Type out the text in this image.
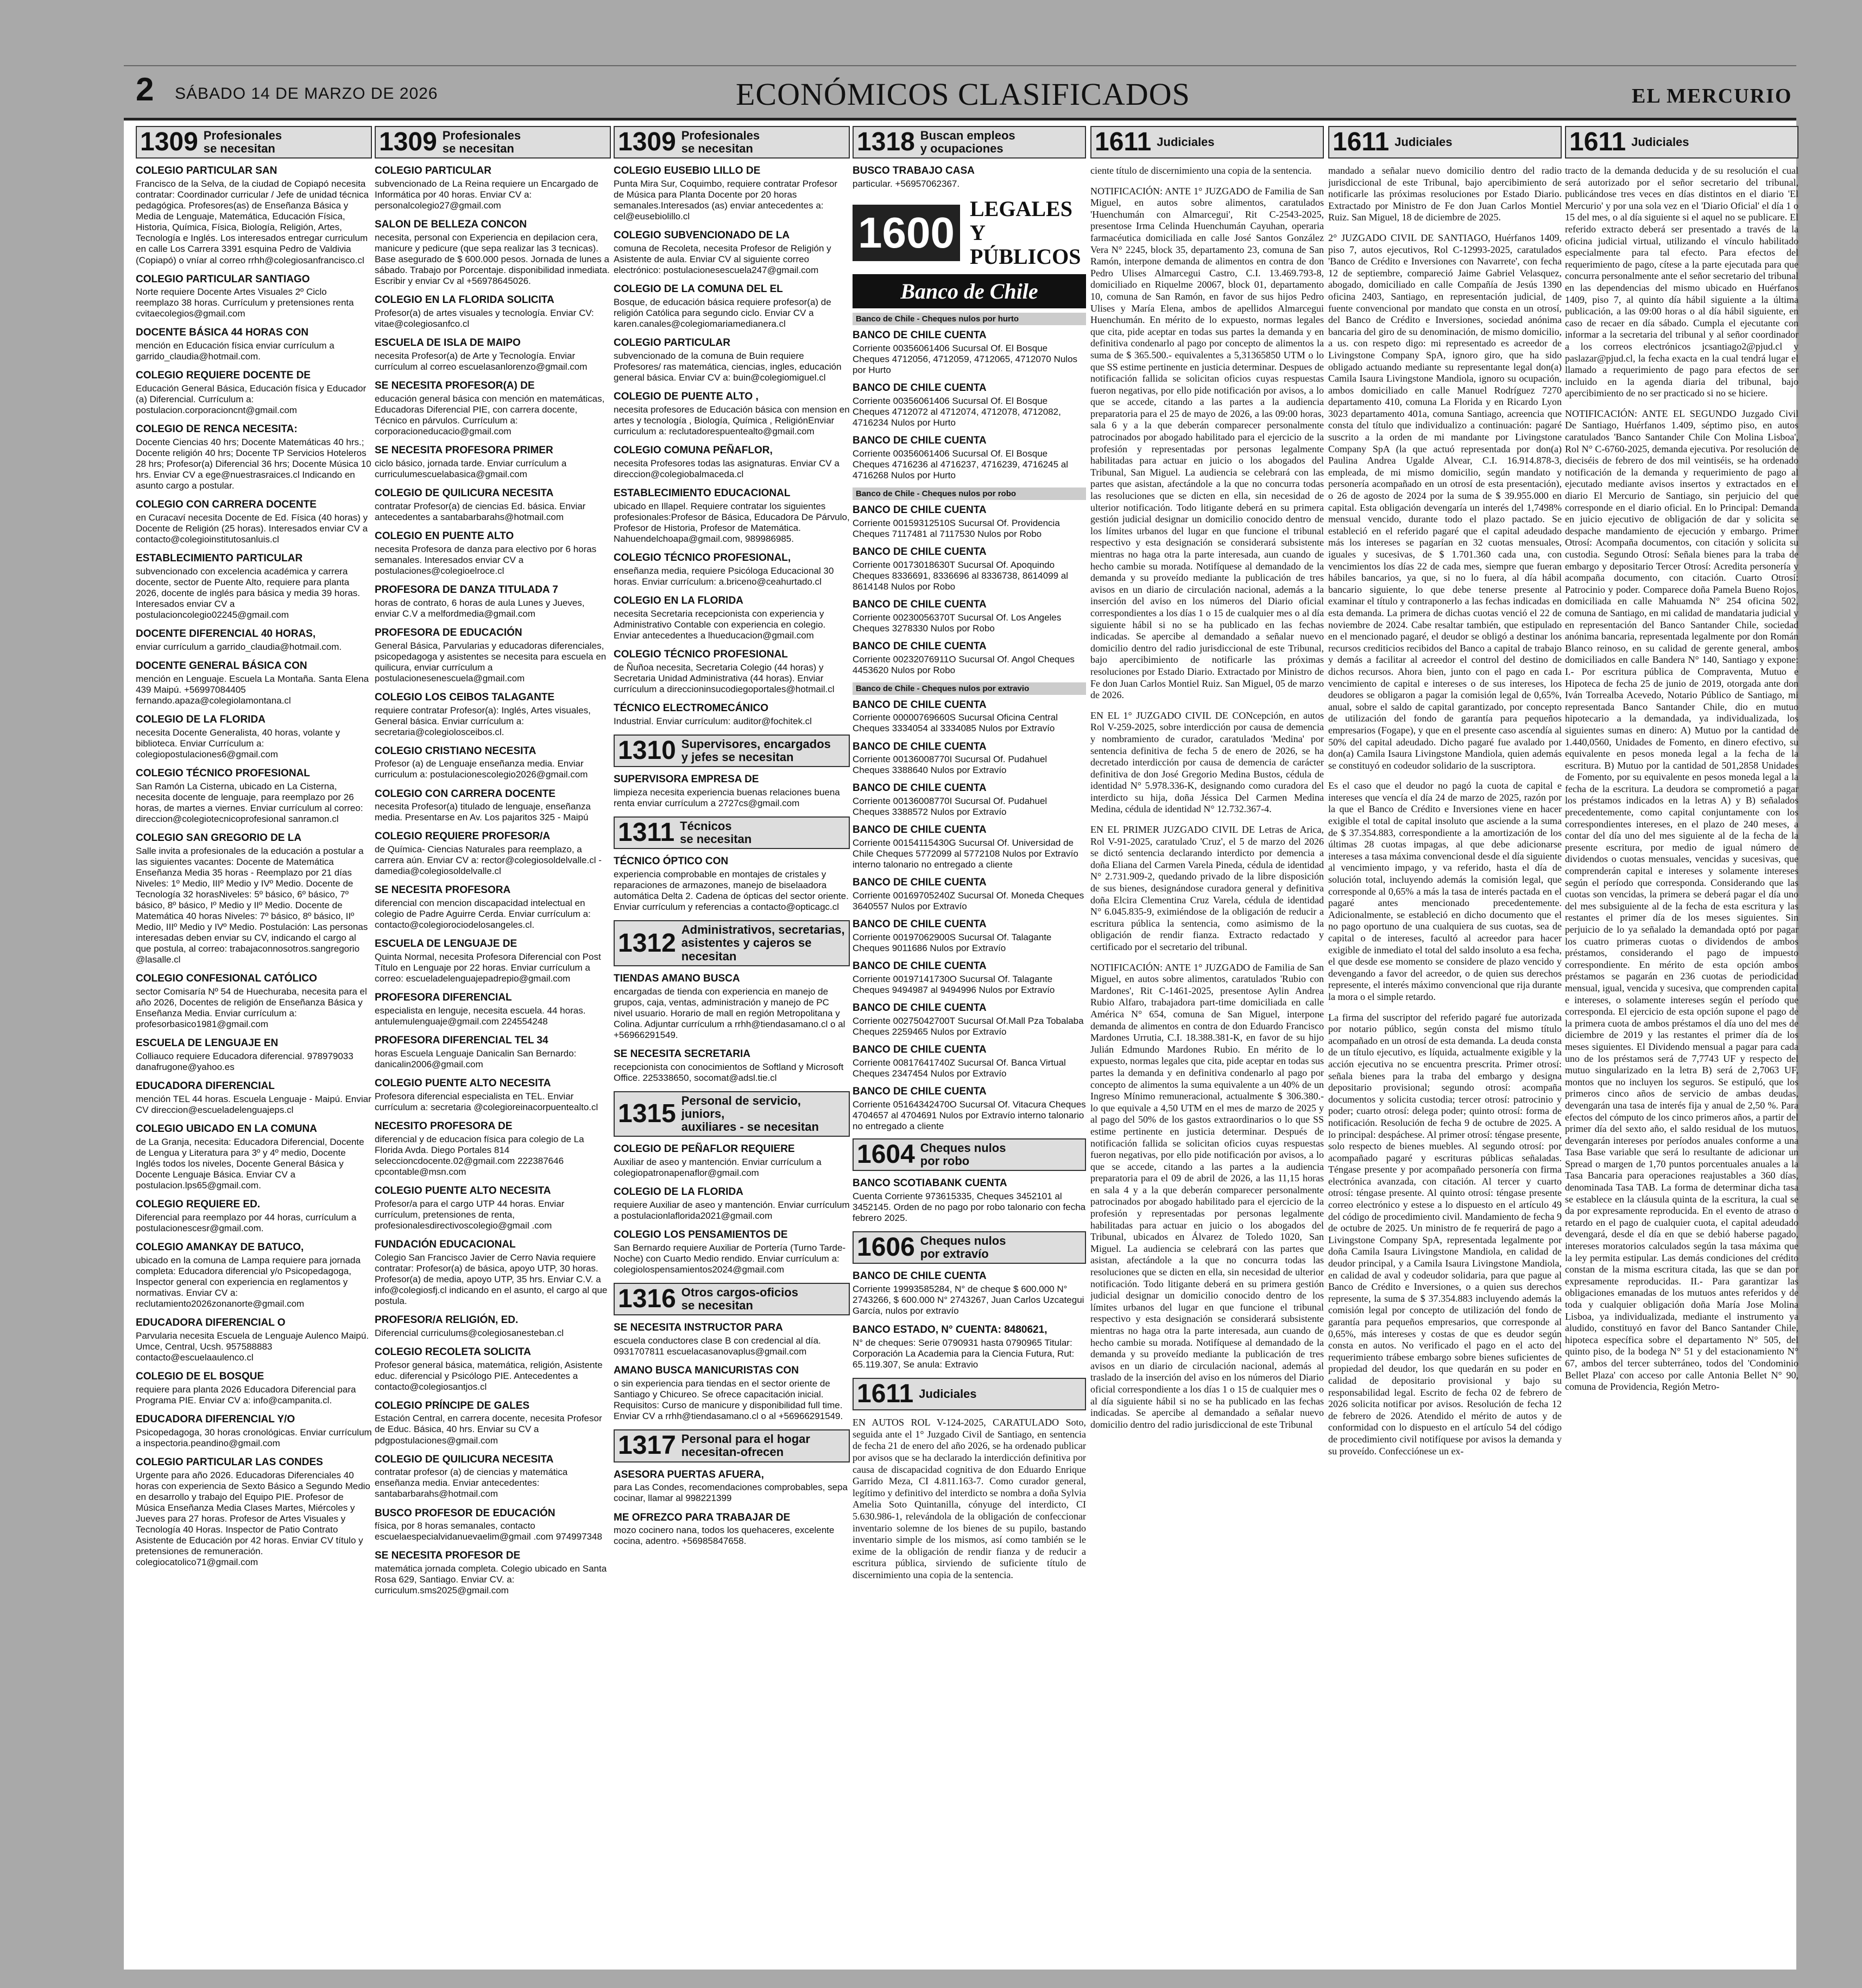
2 SÁBADO 14 DE MARZO DE 2026	ECONÓMICOS CLASIFICADOS	EL MERCURIO
1309 Profesionales
se necesitan
COLEGIO PARTICULAR SAN
Francisco de la Selva, de la ciudad de Copiapó necesita contratar: Coordinador curricular / Jefe de unidad técnica pedagógica. Profesores(as) de Enseñanza Básica y Media de Lenguaje, Matemática, Educación Física, Historia, Química, Física, Biología, Religión, Artes, Tecnología e Inglés. Los interesados entregar curriculum en calle Los Carrera 3391 esquina Pedro de Valdivia (Copiapó) o vníar al correo rrhh@colegiosanfrancisco.cl
COLEGIO PARTICULAR SANTIAGO
Norte requiere Docente Artes Visuales 2º Ciclo reemplazo 38 horas. Currículum y pretensiones renta cvitaecolegios@gmail.com
DOCENTE BÁSICA 44 HORAS CON
mención en Educación física enviar currículum a garrido_claudia@hotmail.com.
COLEGIO REQUIERE DOCENTE DE
Educación General Básica, Educación física y Educador (a) Diferencial. Currículum a: postulacion.corporacioncnt@gmail.com
COLEGIO DE RENCA NECESITA:
Docente Ciencias 40 hrs; Docente Matemáticas 40 hrs.; Docente religión 40 hrs; Docente TP Servicios Hoteleros 28 hrs; Profesor(a) Diferencial 36 hrs; Docente Música 10 hrs. Enviar CV a ege@nuestrasraices.cl Indicando en asunto cargo a postular.
COLEGIO CON CARRERA DOCENTE
en Curacaví necesita Docente de Ed. Física (40 horas) y Docente de Religión (25 horas). Interesados enviar CV a contacto@colegioinstitutosanluis.cl
ESTABLECIMIENTO PARTICULAR
subvencionado con excelencia académica y carrera docente, sector de Puente Alto, requiere para planta 2026, docente de inglés para básica y media 39 horas. Interesados enviar CV a postulacioncolegio02245@gmail.com
DOCENTE DIFERENCIAL 40 HORAS,
enviar currículum a garrido_claudia@hotmail.com.
DOCENTE GENERAL BÁSICA CON
mención en Lenguaje. Escuela La Montaña. Santa Elena 439 Maipú. +56997084405 fernando.apaza@colegiolamontana.cl
COLEGIO DE LA FLORIDA
necesita Docente Generalista, 40 horas, volante y biblioteca. Enviar Currículum a: colegiopostulaciones6@gmail.com
COLEGIO TÉCNICO PROFESIONAL
San Ramón La Cisterna, ubicado en La Cisterna, necesita docente de lenguaje, para reemplazo por 26 horas, de martes a viernes. Enviar currículum al correo: direccion@colegiotecnicoprofesional sanramon.cl
COLEGIO SAN GREGORIO DE LA
Salle invita a profesionales de la educación a postular a las siguientes vacantes: Docente de Matemática Enseñanza Media 35 horas - Reemplazo por 21 días Niveles: 1º Medio, IIIº Medio y IVº Medio. Docente de Tecnología 32 horasNiveles: 5º básico, 6º básico, 7º básico, 8º básico, Iº Medio y IIº Medio. Docente de Matemática 40 horas Niveles: 7º básico, 8º básico, IIº Medio, IIIº Medio y IVº Medio. Postulación: Las personas interesadas deben enviar su CV, indicando el cargo al que postula, al correo: trabajaconnosotros.sangregorio @lasalle.cl
COLEGIO CONFESIONAL CATÓLICO
sector Comisaría Nº 54 de Huechuraba, necesita para el año 2026, Docentes de religión de Enseñanza Básica y Enseñanza Media. Enviar currículum a: profesorbasico1981@gmail.com
ESCUELA DE LENGUAJE EN
Colliauco requiere Educadora diferencial. 978979033 danafrugone@yahoo.es
EDUCADORA DIFERENCIAL
mención TEL 44 horas. Escuela Lenguaje - Maipú. Enviar CV direccion@escueladelenguajeps.cl
COLEGIO UBICADO EN LA COMUNA
de La Granja, necesita: Educadora Diferencial, Docente de Lengua y Literatura para 3º y 4º medio, Docente Inglés todos los niveles, Docente General Básica y Docente Lenguaje Básica. Enviar CV a postulacion.lps65@gmail.com.
COLEGIO REQUIERE ED.
Diferencial para reemplazo por 44 horas, currículum a postulacionescesr@gmail.com.
COLEGIO AMANKAY DE BATUCO,
ubicado en la comuna de Lampa requiere para jornada completa: Educadora diferencial y/o Psicopedagoga, Inspector general con experiencia en reglamentos y normativas. Enviar CV a: reclutamiento2026zonanorte@gmail.com
EDUCADORA DIFERENCIAL O
Parvularia necesita Escuela de Lenguaje Aulenco Maipú. Umce, Central, Ucsh. 957588883 contacto@escuelaaulenco.cl
COLEGIO DE EL BOSQUE
requiere para planta 2026 Educadora Diferencial para Programa PIE. Enviar CV a: info@campanita.cl.
EDUCADORA DIFERENCIAL Y/O
Psicopedagoga, 30 horas cronológicas. Enviar currículum a inspectoria.peandino@gmail.com
COLEGIO PARTICULAR LAS CONDES
Urgente para año 2026. Educadoras Diferenciales 40 horas con experiencia de Sexto Básico a Segundo Medio en desarrollo y trabajo del Equipo PIE. Profesor de Música Enseñanza Media Clases Martes, Miércoles y Jueves para 27 horas. Profesor de Artes Visuales y Tecnología 40 Horas. Inspector de Patio Contrato Asistente de Educación por 42 horas. Enviar CV título y pretensiones de remuneración. colegiocatolico71@gmail.com
1309 Profesionales
se necesitan
COLEGIO PARTICULAR
subvencionado de La Reina requiere un Encargado de Informática por 40 horas. Enviar CV a: personalcolegio27@gmail.com
SALON DE BELLEZA CONCON
necesita, personal con Experiencia en depilacion cera, manicure y pedicure (que sepa realizar las 3 tecnicas). Base asegurado de $ 600.000 pesos. Jornada de lunes a sábado. Trabajo por Porcentaje. disponibilidad inmediata. Escribir y enviar Cv al +56978645026.
COLEGIO EN LA FLORIDA SOLICITA
Profesor(a) de artes visuales y tecnología. Enviar CV: vitae@colegiosanfco.cl
ESCUELA DE ISLA DE MAIPO
necesita Profesor(a) de Arte y Tecnología. Enviar currículum al correo escuelasanlorenzo@gmail.com
SE NECESITA PROFESOR(A) DE
educación general básica con mención en matemáticas, Educadoras Diferencial PIE, con carrera docente, Técnico en párvulos. Currículum a: corporacioneducacio@gmail.com
SE NECESITA PROFESORA PRIMER
ciclo básico, jornada tarde. Enviar currículum a curriculumescuelabasica@gmail.com
COLEGIO DE QUILICURA NECESITA
contratar Profesor(a) de ciencias Ed. básica. Enviar antecedentes a santabarbarahs@hotmail.com
COLEGIO EN PUENTE ALTO
necesita Profesora de danza para electivo por 6 horas semanales. Interesados enviar CV a postulaciones@colegioelroce.cl
PROFESORA DE DANZA TITULADA 7
horas de contrato, 6 horas de aula Lunes y Jueves, enviar C.V a melfordmedia@gmail.com
PROFESORA DE EDUCACIÓN
General Básica, Parvularias y educadoras diferenciales, psicopedagoga y asistentes se necesita para escuela en quilicura, enviar currículum a postulacionesenescuela@gmail.com
COLEGIO LOS CEIBOS TALAGANTE
requiere contratar Profesor(a): Inglés, Artes visuales, General básica. Enviar currículum a: secretaria@colegiolosceibos.cl.
COLEGIO CRISTIANO NECESITA
Profesor (a) de Lenguaje enseñanza media. Enviar curriculum a: postulacionescolegio2026@gmail.com
COLEGIO CON CARRERA DOCENTE
necesita Profesor(a) titulado de lenguaje, enseñanza media. Presentarse en Av. Los pajaritos 325 - Maipú
COLEGIO REQUIERE PROFESOR/A
de Química- Ciencias Naturales para reemplazo, a carrera aún. Enviar CV a: rector@colegiosoldelvalle.cl - damedia@colegiosoldelvalle.cl
SE NECESITA PROFESORA
diferencial con mencion discapacidad intelectual en colegio de Padre Aguirre Cerda. Enviar currículum a: contacto@colegiorociodelosangeles.cl.
ESCUELA DE LENGUAJE DE
Quinta Normal, necesita Profesora Diferencial con Post Título en Lenguaje por 22 horas. Enviar currículum a correo: escueladelenguajepadrepio@gmail.com
PROFESORA DIFERENCIAL
especialista en lenguje, necesita escuela. 44 horas. antulemulenguaje@gmail.com 224554248
PROFESORA DIFERENCIAL TEL 34
horas Escuela Lenguaje Danicalin San Bernardo: danicalin2006@gmail.com
COLEGIO PUENTE ALTO NECESITA
Profesora diferencial especialista en TEL. Enviar currículum a: secretaria @colegioreinacorpuentealto.cl
NECESITO PROFESORA DE
diferencial y de educacion física para colegio de La Florida Avda. Diego Portales 814 seleccioncdocente.02@gmail.com 222387646 cpcontable@msn.com
COLEGIO PUENTE ALTO NECESITA
Profesor/a para el cargo UTP 44 horas. Enviar currículum, pretensiones de renta, profesionalesdirectivoscolegio@gmail .com
FUNDACIÓN EDUCACIONAL
Colegio San Francisco Javier de Cerro Navia requiere contratar: Profesor(a) de básica, apoyo UTP, 30 horas. Profesor(a) de media, apoyo UTP, 35 hrs. Enviar C.V. a info@colegiosfj.cl indicando en el asunto, el cargo al que postula.
PROFESOR/A RELIGIÓN, ED.
Diferencial curriculums@colegiosanesteban.cl
COLEGIO RECOLETA SOLICITA
Profesor general básica, matemática, religión, Asistente educ. diferencial y Psicólogo PIE. Antecedentes a contacto@colegiosantjos.cl
COLEGIO PRÍNCIPE DE GALES
Estación Central, en carrera docente, necesita Profesor de Educ. Básica, 40 hrs. Enviar su CV a pdgpostulaciones@gmail.com
COLEGIO DE QUILICURA NECESITA
contratar profesor (a) de ciencias y matemática enseñanza media. Enviar antecedentes: santabarbarahs@hotmail.com
BUSCO PROFESOR DE EDUCACIÓN
física, por 8 horas semanales, contacto escuelaespecialvidanuevaelim@gmail .com 974997348
SE NECESITA PROFESOR DE
matemática jornada completa. Colegio ubicado en Santa Rosa 629, Santiago. Enviar CV. a: curriculum.sms2025@gmail.com
1309 Profesionales
se necesitan
COLEGIO EUSEBIO LILLO DE
Punta Mira Sur, Coquimbo, requiere contratar Profesor de Música para Planta Docente por 20 horas semanales.Interesados (as) enviar antecedentes a: cel@eusebiolillo.cl
COLEGIO SUBVENCIONADO DE LA
comuna de Recoleta, necesita Profesor de Religión y Asistente de aula. Enviar CV al siguiente correo electrónico: postulacionesescuela247@gmail.com
COLEGIO DE LA COMUNA DEL EL
Bosque, de educación básica requiere profesor(a) de religión Católica para segundo ciclo. Enviar CV a karen.canales@colegiomariamedianera.cl
COLEGIO PARTICULAR
subvencionado de la comuna de Buin requiere Profesores/ ras matemática, ciencias, ingles, educación general básica. Enviar CV a: buin@colegiomiguel.cl
COLEGIO DE PUENTE ALTO ,
necesita profesores de Educación básica con mension en artes y tecnología , Biología, Química , ReligiónEnviar curriculum a: reclutadorespuentealto@gmail.com
COLEGIO COMUNA PEÑAFLOR,
necesita Profesores todas las asignaturas. Enviar CV a direccion@colegiobalmaceda.cl
ESTABLECIMIENTO EDUCACIONAL
ubicado en Illapel. Requiere contratar los siguientes profesionales:Profesor de Básica, Educadora De Párvulo, Profesor de Historia, Profesor de Matemática. Nahuendelchoapa@gmail.com, 989986985.
COLEGIO TÉCNICO PROFESIONAL,
enseñanza media, requiere Psicóloga Educacional 30 horas. Enviar currículum: a.briceno@ceahurtado.cl
COLEGIO EN LA FLORIDA
necesita Secretaria recepcionista con experiencia y Administrativo Contable con experiencia en colegio. Enviar antecedentes a lhueducacion@gmail.com
COLEGIO TÉCNICO PROFESIONAL
de Ñuñoa necesita, Secretaria Colegio (44 horas) y Secretaria Unidad Administrativa (44 horas). Enviar currículum a direccioninsucodiegoportales@hotmail.cl
TÉCNICO ELECTROMECÁNICO
Industrial. Enviar currículum: auditor@fochitek.cl
1310 Supervisores, encargados
y jefes se necesitan
SUPERVISORA EMPRESA DE
limpieza necesita experiencia buenas relaciones buena renta enviar currículum a 2727cs@gmail.com
1311 Técnicos
se necesitan
TÉCNICO ÓPTICO CON
experiencia comprobable en montajes de cristales y reparaciones de armazones, manejo de biselaadora automática Delta 2. Cadena de ópticas del sector oriente. Enviar currículum y referencias a contacto@opticagc.cl
1312 Administrativos, secretarias,
asistentes y cajeros se necesitan
TIENDAS AMANO BUSCA
encargadas de tienda con experiencia en manejo de grupos, caja, ventas, administración y manejo de PC nivel usuario. Horario de mall en región Metropolitana y Colina. Adjuntar currículum a rrhh@tiendasamano.cl o al +56966291549.
SE NECESITA SECRETARIA
recepcionista con conocimientos de Softland y Microsoft Office. 225338650, socomat@adsl.tie.cl
1315 Personal de servicio, juniors,
auxiliares - se necesitan
COLEGIO DE PEÑAFLOR REQUIERE
Auxiliar de aseo y mantención. Enviar currículum a colegiopatronapenaflor@gmail.com
COLEGIO DE LA FLORIDA
requiere Auxiliar de aseo y mantención. Enviar currículum a postulacionlaflorida2021@gmail.com
COLEGIO LOS PENSAMIENTOS DE
San Bernardo requiere Auxiliar de Portería (Turno Tarde-Noche) con Cuarto Medio rendido. Enviar currículum a: colegiolospensamientos2024@gmail.com
1316 Otros cargos-oficios
se necesitan
SE NECESITA INSTRUCTOR PARA
escuela conductores clase B con credencial al día. 0931707811 escuelacasanovaplus@gmail.com
AMANO BUSCA MANICURISTAS CON
o sin experiencia para tiendas en el sector oriente de Santiago y Chicureo. Se ofrece capacitación inicial. Requisitos: Curso de manicure y disponibilidad full time. Enviar CV a rrhh@tiendasamano.cl o al +56966291549.
1317 Personal para el hogar
necesitan-ofrecen
ASESORA PUERTAS AFUERA,
para Las Condes, recomendaciones comprobables, sepa cocinar, llamar al 998221399
ME OFREZCO PARA TRABAJAR DE
mozo cocinero nana, todos los quehaceres, excelente cocina, adentro. +56985847658.
1318 Buscan empleos
y ocupaciones
BUSCO TRABAJO CASA
particular. +56957062367.
1600 LEGALES Y
PÚBLICOS
Banco de Chile
Banco de Chile - Cheques nulos por hurto
BANCO DE CHILE CUENTA
Corriente 00356061406 Sucursal Of. El Bosque Cheques 4712056, 4712059, 4712065, 4712070 Nulos por Hurto
BANCO DE CHILE CUENTA
Corriente 00356061406 Sucursal Of. El Bosque Cheques 4712072 al 4712074, 4712078, 4712082, 4716234 Nulos por Hurto
BANCO DE CHILE CUENTA
Corriente 00356061406 Sucursal Of. El Bosque Cheques 4716236 al 4716237, 4716239, 4716245 al 4716268 Nulos por Hurto
Banco de Chile - Cheques nulos por robo
BANCO DE CHILE CUENTA
Corriente 00159312510S Sucursal Of. Providencia Cheques 7117481 al 7117530 Nulos por Robo
BANCO DE CHILE CUENTA
Corriente 00173018630T Sucursal Of. Apoquindo Cheques 8336691, 8336696 al 8336738, 8614099 al 8614148 Nulos por Robo
BANCO DE CHILE CUENTA
Corriente 00230056370T Sucursal Of. Los Angeles Cheques 3278330 Nulos por Robo
BANCO DE CHILE CUENTA
Corriente 00232076911O Sucursal Of. Angol Cheques 4453620 Nulos por Robo
Banco de Chile - Cheques nulos por extravio
BANCO DE CHILE CUENTA
Corriente 00000769660S Sucursal Oficina Central Cheques 3334054 al 3334085 Nulos por Extravío
BANCO DE CHILE CUENTA
Corriente 00136008770I Sucursal Of. Pudahuel Cheques 3388640 Nulos por Extravío
BANCO DE CHILE CUENTA
Corriente 00136008770I Sucursal Of. Pudahuel Cheques 3388572 Nulos por Extravío
BANCO DE CHILE CUENTA
Corriente 00154115430G Sucursal Of. Universidad de Chile Cheques 5772099 al 5772108 Nulos por Extravío interno talonario no entregado a cliente
BANCO DE CHILE CUENTA
Corriente 00169705240Z Sucursal Of. Moneda Cheques 3640557 Nulos por Extravío
BANCO DE CHILE CUENTA
Corriente 00197062900S Sucursal Of. Talagante Cheques 9011686 Nulos por Extravío
BANCO DE CHILE CUENTA
Corriente 00197141730O Sucursal Of. Talagante Cheques 9494987 al 9494996 Nulos por Extravío
BANCO DE CHILE CUENTA
Corriente 00275042700T Sucursal Of.Mall Pza Tobalaba Cheques 2259465 Nulos por Extravío
BANCO DE CHILE CUENTA
Corriente 00817641740Z Sucursal Of. Banca Virtual Cheques 2347454 Nulos por Extravío
BANCO DE CHILE CUENTA
Corriente 05164342470O Sucursal Of. Vitacura Cheques 4704657 al 4704691 Nulos por Extravío interno talonario no entregado a cliente
1604 Cheques nulos
por robo
BANCO SCOTIABANK CUENTA
Cuenta Corriente 973615335, Cheques 3452101 al 3452145. Orden de no pago por robo talonario con fecha febrero 2025.
1606 Cheques nulos
por extravío
BANCO DE CHILE CUENTA
Corriente 19993585284, N° de cheque $ 600.000 N° 2743266, $ 600.000 N° 2743267, Juan Carlos Uzcategui García, nulos por extravío
BANCO ESTADO, N° CUENTA: 8480621,
N° de cheques: Serie 0790931 hasta 0790965 Titular: Corporación La Academia para la Ciencia Futura, Rut: 65.119.307, Se anula: Extravio
1611 Judiciales
EN AUTOS ROL V-124-2025, CARATULADO Soto, seguida ante el 1° Juzgado Civil de Santiago, en sentencia de fecha 21 de enero del año 2026, se ha ordenado publicar por avisos que se ha declarado la interdicción definitiva por causa de discapacidad cognitiva de don Eduardo Enrique Garrido Meza, CI 4.811.163-7. Como curador general, legítimo y definitivo del interdicto se nombra a doña Sylvia Amelia Soto Quintanilla, cónyuge del interdicto, CI 5.630.986-1, relevándola de la obligación de confeccionar inventario solemne de los bienes de su pupilo, bastando inventario simple de los mismos, así como también se le exime de la obligación de rendir fianza y de reducir a escritura pública, sirviendo de suficiente título de discernimiento una copia de la sentencia.
1611 Judiciales
ciente título de discernimiento una copia de la sentencia.
NOTIFICACIÓN: ANTE 1° JUZGADO de Familia de San Miguel, en autos sobre alimentos, caratulados 'Huenchumán con Almarcegui', Rit C-2543-2025, presentose Irma Celinda Huenchumán Cayuhan, operaria farmacéutica domiciliada en calle José Santos González Vera N° 2245, block 35, departamento 23, comuna de San Ramón, interpone demanda de alimentos en contra de don Pedro Ulises Almarcegui Castro, C.I. 13.469.793-8, domiciliado en Riquelme 20067, block 01, departamento 10, comuna de San Ramón, en favor de sus hijos Pedro Ulises y María Elena, ambos de apellidos Almarcegui Huenchumán. En mérito de lo expuesto, normas legales que cita, pide aceptar en todas sus partes la demanda y en definitiva condenarlo al pago por concepto de alimentos la suma de $ 365.500.- equivalentes a 5,31365850 UTM o lo que SS estime pertinente en justicia determinar. Despues de notificación fallida se solicitan oficios cuyas respuestas fueron negativas, por ello pide notificación por avisos, a lo que se accede, citando a las partes a la audiencia preparatoria para el 25 de mayo de 2026, a las 09:00 horas, sala 6 y a la que deberán comparecer personalmente patrocinados por abogado habilitado para el ejercicio de la profesión y representadas por personas legalmente habilitadas para actuar en juicio o los abogados del Tribunal, San Miguel. La audiencia se celebrará con las partes que asistan, afectándole a la que no concurra todas las resoluciones que se dicten en ella, sin necesidad de ulterior notificación. Todo litigante deberá en su primera gestión judicial designar un domicilio conocido dentro de los límites urbanos del lugar en que funcione el tribunal respectivo y esta designación se considerará subsistente mientras no haga otra la parte interesada, aun cuando de hecho cambie su morada. Notifíquese al demandado de la demanda y su proveído mediante la publicación de tres avisos en un diario de circulación nacional, además a la inserción del aviso en los números del Diario oficial correspondientes a los días 1 o 15 de cualquier mes o al día siguiente hábil si no se ha publicado en las fechas indicadas. Se apercibe al demandado a señalar nuevo domicilio dentro del radio jurisdiccional de este Tribunal, bajo apercibimiento de notificarle las próximas resoluciones por Estado Diario. Extractado por Ministro de Fe don Juan Carlos Montiel Ruiz. San Miguel, 05 de marzo de 2026.
EN EL 1° JUZGADO CIVIL DE CONcepción, en autos Rol V-259-2025, sobre interdicción por causa de demencia y nombramiento de curador, caratulados 'Medina' por sentencia definitiva de fecha 5 de enero de 2026, se ha decretado interdicción por causa de demencia de carácter definitiva de don José Gregorio Medina Bustos, cédula de identidad N° 5.978.336-K, designando como curadora del interdicto su hija, doña Jéssica Del Carmen Medina Medina, cédula de identidad N° 12.732.367-4.
EN EL PRIMER JUZGADO CIVIL DE Letras de Arica, Rol V-91-2025, caratulado 'Cruz', el 5 de marzo del 2026 se dictó sentencia declarando interdicto por demencia a doña Eliana del Carmen Varela Pineda, cédula de identidad N° 2.731.909-2, quedando privado de la libre disposición de sus bienes, designándose curadora general y definitiva doña Elcira Clementina Cruz Varela, cédula de identidad N° 6.045.835-9, eximiéndose de la obligación de reducir a escritura pública la sentencia, como asimismo de la obligación de rendir fianza. Extracto redactado y certificado por el secretario del tribunal.
NOTIFICACIÓN: ANTE 1° JUZGADO de Familia de San Miguel, en autos sobre alimentos, caratulados 'Rubio con Mardones', Rit C-1461-2025, presentose Aylin Andrea Rubio Alfaro, trabajadora part-time domiciliada en calle América N° 654, comuna de San Miguel, interpone demanda de alimentos en contra de don Eduardo Francisco Mardones Urrutia, C.I. 18.388.381-K, en favor de su hijo Julián Edmundo Mardones Rubio. En mérito de lo expuesto, normas legales que cita, pide aceptar en todas sus partes la demanda y en definitiva condenarlo al pago por concepto de alimentos la suma equivalente a un 40% de un Ingreso Mínimo remuneracional, actualmente $ 306.380.- lo que equivale a 4,50 UTM en el mes de marzo de 2025 y al pago del 50% de los gastos extraordinarios o lo que SS estime pertinente en justicia determinar. Después de notificación fallida se solicitan oficios cuyas respuestas fueron negativas, por ello pide notificación por avisos, a lo que se accede, citando a las partes a la audiencia preparatoria para el 09 de abril de 2026, a las 11,15 horas en sala 4 y a la que deberán comparecer personalmente patrocinados por abogado habilitado para el ejercicio de la profesión y representadas por personas legalmente habilitadas para actuar en juicio o los abogados del Tribunal, ubicados en Álvarez de Toledo 1020, San Miguel. La audiencia se celebrará con las partes que asistan, afectándole a la que no concurra todas las resoluciones que se dicten en ella, sin necesidad de ulterior notificación. Todo litigante deberá en su primera gestión judicial designar un domicilio conocido dentro de los límites urbanos del lugar en que funcione el tribunal respectivo y esta designación se considerará subsistente mientras no haga otra la parte interesada, aun cuando de hecho cambie su morada. Notifíquese al demandado de la demanda y su proveído mediante la publicación de tres avisos en un diario de circulación nacional, además al traslado de la inserción del aviso en los números del Diario oficial correspondiente a los días 1 o 15 de cualquier mes o al día siguiente hábil si no se ha publicado en las fechas indicadas. Se apercibe al demandado a señalar nuevo domicilio dentro del radio jurisdiccional de este Tribunal
1611 Judiciales
mandado a señalar nuevo domicilio dentro del radio jurisdiccional de este Tribunal, bajo apercibimiento de notificarle las próximas resoluciones por Estado Diario. Extractado por Ministro de Fe don Juan Carlos Montiel Ruiz. San Miguel, 18 de diciembre de 2025.
2° JUZGADO CIVIL DE SANTIAGO, Huérfanos 1409, piso 7, autos ejecutivos, Rol C-12993-2025, caratulados 'Banco de Crédito e Inversiones con Navarrete', con fecha 12 de septiembre, compareció Jaime Gabriel Velasquez, abogado, domiciliado en calle Compañía de Jesús 1390 oficina 2403, Santiago, en representación judicial, de fuente convencional por mandato que consta en un otrosí, del Banco de Crédito e Inversiones, sociedad anónima bancaria del giro de su denominación, de mismo domicilio, a us. con respeto digo: mi representado es acreedor de Livingstone Company SpA, ignoro giro, que ha sido obligado actuando mediante su representante legal don(a) Camila Isaura Livingstone Mandiola, ignoro su ocupación, ambos domiciliado en calle Manuel Rodríguez 7270 departamento 410, comuna La Florida y en Ricardo Lyon 3023 departamento 401a, comuna Santiago, acreencia que consta del título que individualizo a continuación: pagaré suscrito a la orden de mi mandante por Livingstone Company SpA (la que actuó representada por don(a) Paulina Andrea Ugalde Alvear, C.I. 16.914.878-3, empleada, de mi mismo domicilio, según mandato y personería acompañado en un otrosí de esta presentación), o 26 de agosto de 2024 por la suma de $ 39.955.000 en capital. Esta obligación devengaría un interés del 1,7498% mensual vencido, durante todo el plazo pactado. Se estableció en el referido pagaré que el capital adeudado más los intereses se pagarían en 32 cuotas mensuales, iguales y sucesivas, de $ 1.701.360 cada una, con vencimientos los días 22 de cada mes, siempre que fueran hábiles bancarios, ya que, si no lo fuera, al día hábil bancario siguiente, lo que debe tenerse presente al examinar el título y contraponerlo a las fechas indicadas en esta demanda. La primera de dichas cuotas venció el 22 de noviembre de 2024. Cabe resaltar también, que estipulado en el mencionado pagaré, el deudor se obligó a destinar los recursos crediticios recibidos del Banco a capital de trabajo y demás a facilitar al acreedor el control del destino de dichos recursos. Ahora bien, junto con el pago en cada vencimiento de capital e intereses o de sus intereses, los deudores se obligaron a pagar la comisión legal de 0,65%, anual, sobre el saldo de capital garantizado, por concepto de utilización del fondo de garantía para pequeños empresarios (Fogape), y que en el presente caso ascendía al 50% del capital adeudado. Dicho pagaré fue avalado por don(a) Camila Isaura Livingstone Mandiola, quien además se constituyó en codeudor solidario de la suscriptora.
Es el caso que el deudor no pagó la cuota de capital e intereses que vencía el día 24 de marzo de 2025, razón por la que el Banco de Crédito e Inversiones viene en hacer exigible el total de capital insoluto que asciende a la suma de $ 37.354.883, correspondiente a la amortización de los últimas 28 cuotas impagas, al que debe adicionarse intereses a tasa máxima convencional desde el día siguiente al vencimiento impago, y va referido, hasta el día de solución total, incluyendo además la comisión legal, que corresponde al 0,65% a más la tasa de interés pactada en el pagaré antes mencionado precedentemente. Adicionalmente, se estableció en dicho documento que el no pago oportuno de una cualquiera de sus cuotas, sea de capital o de intereses, facultó al acreedor para hacer exigible de inmediato el total del saldo insoluto a esa fecha, el que desde ese momento se considere de plazo vencido y devengando a favor del acreedor, o de quien sus derechos represente, el interés máximo convencional que rija durante la mora o el simple retardo.
La firma del suscriptor del referido pagaré fue autorizada por notario público, según consta del mismo título acompañado en un otrosí de esta demanda. La deuda consta de un título ejecutivo, es líquida, actualmente exigible y la acción ejecutiva no se encuentra prescrita. Primer otrosí: señala bienes para la traba del embargo y designa depositario provisional; segundo otrosí: acompaña documentos y solicita custodia; tercer otrosí: patrocinio y poder; cuarto otrosí: delega poder; quinto otrosí: forma de notificación. Resolución de fecha 9 de octubre de 2025. A lo principal: despáchese. Al primer otrosí: téngase presente, solo respecto de bienes muebles. Al segundo otrosí: por acompañado pagaré y escrituras públicas señaladas. Téngase presente y por acompañado personería con firma electrónica avanzada, con citación. Al tercer y cuarto otrosí: téngase presente. Al quinto otrosí: téngase presente correo electrónico y estese a lo dispuesto en el artículo 49 del código de procedimiento civil. Mandamiento de fecha 9 de octubre de 2025. Un ministro de fe requerirá de pago a Livingstone Company SpA, representada legalmente por doña Camila Isaura Livingstone Mandiola, en calidad de deudor principal, y a Camila Isaura Livingstone Mandiola, en calidad de aval y codeudor solidaria, para que pague al Banco de Crédito e Inversiones, o a quien sus derechos represente, la suma de $ 37.354.883 incluyendo además la comisión legal por concepto de utilización del fondo de garantía para pequeños empresarios, que corresponde al 0,65%, más intereses y costas de que es deudor según consta en autos. No verificado el pago en el acto del requerimiento trábese embargo sobre bienes suficientes de propiedad del deudor, los que quedarán en su poder en calidad de depositario provisional y bajo su responsabilidad legal. Escrito de fecha 02 de febrero de 2026 solicita notificar por avisos. Resolución de fecha 12 de febrero de 2026. Atendido el mérito de autos y de conformidad con lo dispuesto en el artículo 54 del código de procedimiento civil notifíquese por avisos la demanda y su proveído. Confecciónese un ex-
1611 Judiciales
tracto de la demanda deducida y de su resolución el cual será autorizado por el señor secretario del tribunal, publicándose tres veces en días distintos en el diario 'El Mercurio' y por una sola vez en el 'Diario Oficial' el día 1 o 15 del mes, o al día siguiente si el aquel no se publicare. El referido extracto deberá ser presentado a través de la oficina judicial virtual, utilizando el vínculo habilitado especialmente para tal efecto. Para efectos del requerimiento de pago, cítese a la parte ejecutada para que concurra personalmente ante el señor secretario del tribunal en las dependencias del mismo ubicado en Huérfanos 1409, piso 7, al quinto día hábil siguiente a la última publicación, a las 09:00 horas o al día hábil siguiente, en caso de recaer en día sábado. Cumpla el ejecutante con informar a la secretaria del tribunal y al señor coordinador a los correos electrónicos jcsantiago2@pjud.cl y paslazar@pjud.cl, la fecha exacta en la cual tendrá lugar el llamado a requerimiento de pago para efectos de ser incluido en la agenda diaria del tribunal, bajo apercibimiento de no ser practicado si no se hiciere.
NOTIFICACIÓN: ANTE EL SEGUNDO Juzgado Civil De Santiago, Huérfanos 1.409, séptimo piso, en autos caratulados 'Banco Santander Chile Con Molina Lisboa', Rol N° C-6760-2025, demanda ejecutiva. Por resolución de dieciséis de febrero de dos mil veintiséis, se ha ordenado notificación de la demanda y requerimiento de pago al ejecutado mediante avisos insertos y extractados en el diario El Mercurio de Santiago, sin perjuicio del que corresponde en el diario oficial. En lo Principal: Demanda en juicio ejecutivo de obligación de dar y solicita se despache mandamiento de ejecución y embargo. Primer Otrosí: Acompaña documentos, con citación y solicita su custodia. Segundo Otrosí: Señala bienes para la traba de embargo y depositario Tercer Otrosí: Acredita personería y acompaña documento, con citación. Cuarto Otrosí: Patrocinio y poder. Comparece doña Pamela Bueno Rojos, domiciliada en calle Mahuamda N° 254 oficina 502, comuna de Santiago, en mi calidad de mandataria judicial y en representación del Banco Santander Chile, sociedad anónima bancaria, representada legalmente por don Román Blanco reinoso, en su calidad de gerente general, ambos domiciliados en calle Bandera N° 140, Santiago y expone: I.- Por escritura pública de Compraventa, Mutuo e Hipoteca de fecha 25 de junio de 2019, otorgada ante don Iván Torrealba Acevedo, Notario Público de Santiago, mi representada Banco Santander Chile, dio en mutuo hipotecario a la demandada, ya individualizada, los siguientes sumas en dinero: A) Mutuo por la cantidad de 1.440,0560, Unidades de Fomento, en dinero efectivo, su equivalente en pesos moneda legal a la fecha de la escritura. B) Mutuo por la cantidad de 501,2858 Unidades de Fomento, por su equivalente en pesos moneda legal a la fecha de la escritura. La deudora se comprometió a pagar los préstamos indicados en la letras A) y B) señalados precedentemente, como capital conjuntamente con los correspondientes intereses, en el plazo de 240 meses, a contar del día uno del mes siguiente al de la fecha de la presente escritura, por medio de igual número de dividendos o cuotas mensuales, vencidas y sucesivas, que comprenderán capital e intereses y solamente intereses según el período que corresponda. Considerando que las cuotas son vencidas, la primera se deberá pagar el día uno del mes subsiguiente al de la fecha de esta escritura y las restantes el primer día de los meses siguientes. Sin perjuicio de lo ya señalado la demandada optó por pagar los cuatro primeras cuotas o dividendos de ambos préstamos, considerando el pago de impuesto correspondiente. En mérito de esta opción ambos préstamos se pagarán en 236 cuotas de periodicidad mensual, igual, vencida y sucesiva, que comprenden capital e intereses, o solamente intereses según el período que corresponda. El ejercicio de esta opción supone el pago de la primera cuota de ambos préstamos el día uno del mes de diciembre de 2019 y las restantes el primer día de los meses siguientes. El Dividendo mensual a pagar para cada uno de los préstamos será de 7,7743 UF y respecto del mutuo singularizado en la letra B) será de 2,7063 UF, montos que no incluyen los seguros. Se estipuló, que los primeros cinco años de servicio de ambas deudas, devengarán una tasa de interés fija y anual de 2,50 %. Para efectos del cómputo de los cinco primeros años, a partir del primer día del sexto año, el saldo residual de los mutuos, devengarán intereses por períodos anuales conforme a una Tasa Base variable que será lo resultante de adicionar un Spread o margen de 1,70 puntos porcentuales anuales a la Tasa Bancaria para operaciones reajustables a 360 días, denominada Tasa TAB. La forma de determinar dicha tasa se establece en la cláusula quinta de la escritura, la cual se da por expresamente reproducida. En el evento de atraso o retardo en el pago de cualquier cuota, el capital adeudado devengará, desde el día en que se debió haberse pagado, intereses moratorios calculados según la tasa máxima que la ley permita estipular. Las demás condiciones del crédito constan de la misma escritura citada, las que se dan por expresamente reproducidas. II.- Para garantizar las obligaciones emanadas de los mutuos antes referidos y de toda y cualquier obligación doña María Jose Molina Lisboa, ya individualizada, mediante el instrumento ya aludido, constituyó en favor del Banco Santander Chile, hipoteca específica sobre el departamento N° 505, del quinto piso, de la bodega N° 51 y del estacionamiento N° 67, ambos del tercer subterráneo, todos del 'Condominio Bellet Plaza' con acceso por calle Antonia Bellet N° 90, comuna de Providencia, Región Metro-
